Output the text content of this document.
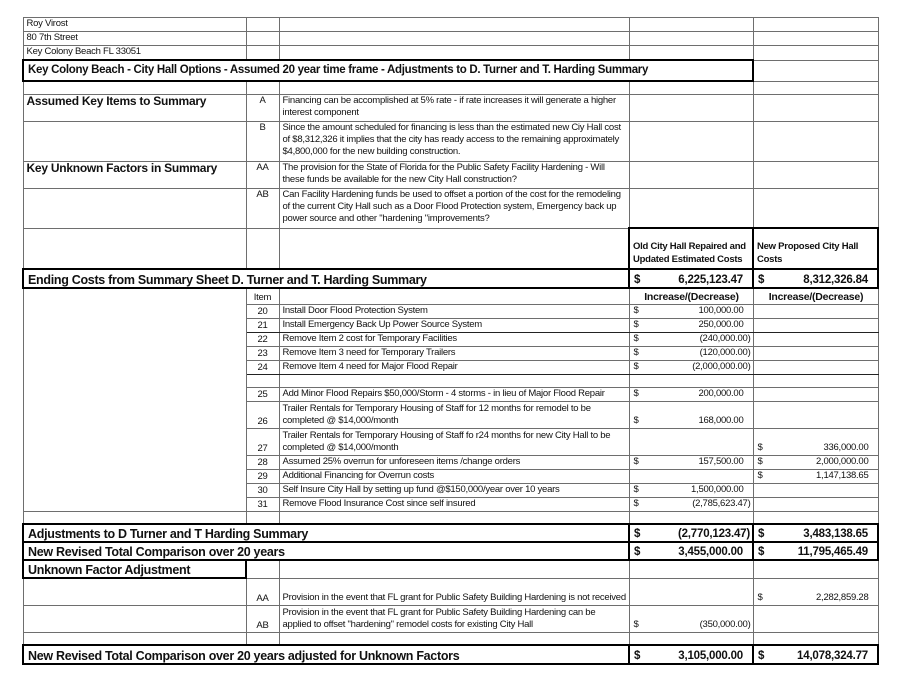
Roy Virost				
80 7th Street				
Key Colony Beach FL 33051				
Key Colony Beach - City Hall Options - Assumed 20 year time frame - Adjustments to D. Turner and T. Harding Summary				

Assumed Key Items to Summary	A	Financing can be accomplished at 5% rate - if rate increases it will generate a higher interest component		
	B	Since the amount scheduled for financing is less than the estimated new Ciy Hall cost of $8,312,326 it implies that the city has ready access to the remaining approximately $4,800,000 for the new building construction.		
Key Unknown Factors in Summary	AA	The provision for the State of Florida for the Public Safety Facility Hardening - Will these funds be available for the new City Hall construction?		
	AB	Can Facility Hardening funds be used to offset a portion of the cost for the remodeling of the current City Hall such as a Door Flood Protection system, Emergency back up power source and other "hardening "improvements?		
			Old City Hall Repaired and Updated Estimated Costs	New Proposed City Hall Costs
Ending Costs from Summary Sheet D. Turner and T. Harding Summary			$ 6,225,123.47	$ 8,312,326.84

	Item		Increase/(Decrease)	Increase/(Decrease)
	20	Install Door Flood Protection System	$ 100,000.00	

	21	Install Emergency Back Up Power Source System	$ 250,000.00	

	22	Remove Item 2 cost for Temporary Facilities	$ (240,000.00)	

	23	Remove Item 3 need for Temporary Trailers	$ (120,000.00)	

	24	Remove Item 4 need for Major Flood Repair	$ (2,000,000.00)	

	25	Add Minor Flood Repairs $50,000/Storm - 4 storms - in lieu of Major Flood Repair	$ 200,000.00	

	26	Trailer Rentals for Temporary Housing of Staff for 12 months for remodel to be completed @ $14,000/month	$ 168,000.00	

	27	Trailer Rentals for Temporary Housing of Staff fo r24 months for new City Hall to be completed @ $14,000/month		$ 336,000.00

	28	Assumed 25% overrun for unforeseen items /change orders	$ 157,500.00	$ 2,000,000.00

	29	Additional Financing for Overrun costs		$ 1,147,138.65

	30	Self Insure City Hall by setting up fund @$150,000/year over 10 years	$ 1,500,000.00	

	31	Remove Flood Insurance Cost since self insured	$ (2,785,623.47)	

Adjustments to D Turner and T Harding Summary			$ (2,770,123.47)	$ 3,483,138.65

New Revised Total Comparison over 20 years			$ 3,455,000.00	$ 11,795,465.49

Unknown Factor Adjustment				
	AA	Provision in the event that FL grant for Public Safety Building Hardening is not received		$ 2,282,859.28

	AB	Provision in the event that FL grant for Public Safety Building Hardening can be applied to offset "hardening" remodel costs for existing City Hall	$ (350,000.00)	

New Revised Total Comparison over 20 years adjusted for Unknown Factors			$ 3,105,000.00	$ 14,078,324.77
